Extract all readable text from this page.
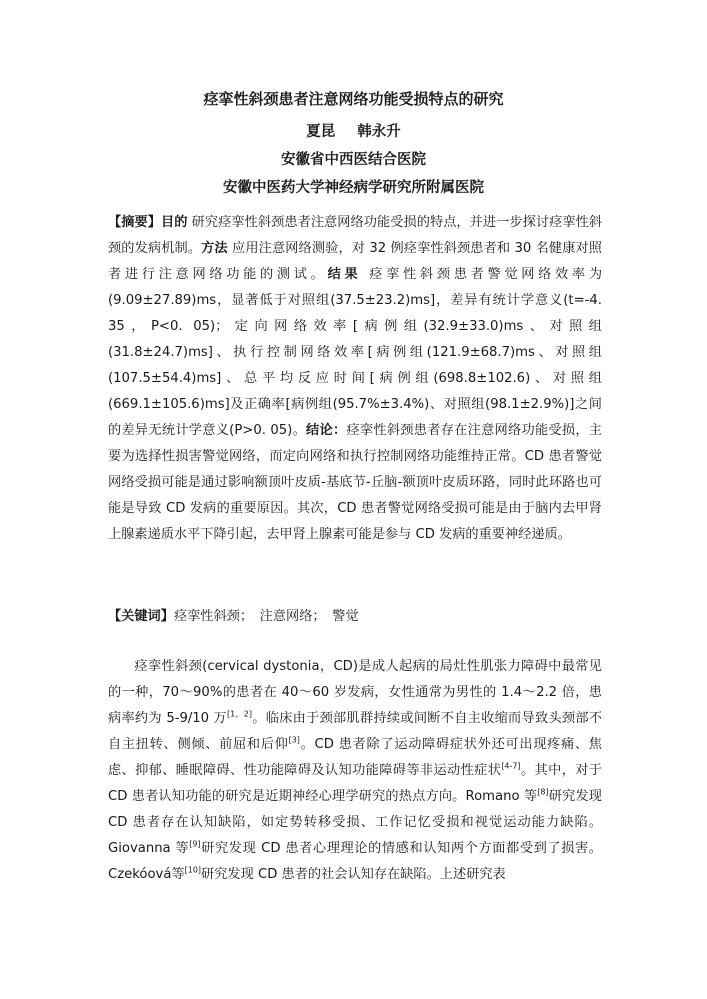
痉挛性斜颈患者注意网络功能受损特点的研究
夏昆 韩永升
安徽省中西医结合医院
安徽中医药大学神经病学研究所附属医院
【摘要】目的 研究痉挛性斜颈患者注意网络功能受损的特点，并进一步探讨痉挛性斜颈的发病机制。方法 应用注意网络测验，对 32 例痉挛性斜颈患者和 30 名健康对照者进行注意网络功能的测试。结果 痉挛性斜颈患者警觉网络效率为(9.09±27.89)ms，显著低于对照组(37.5±23.2)ms]，差异有统计学意义(t=-4. 35，P<0. 05)；定向网络效率[病例组(32.9±33.0)ms、对照组(31.8±24.7)ms]、执行控制网络效率[病例组(121.9±68.7)ms、对照组(107.5±54.4)ms]、总平均反应时间[病例组(698.8±102.6)、对照组(669.1±105.6)ms]及正确率[病例组(95.7%±3.4%)、对照组(98.1±2.9%)]之间的差异无统计学意义(P>0. 05)。结论：痉挛性斜颈患者存在注意网络功能受损，主要为选择性损害警觉网络，而定向网络和执行控制网络功能维持正常。CD 患者警觉网络受损可能是通过影响额顶叶皮质-基底节-丘脑-额顶叶皮质环路，同时此环路也可能是导致 CD 发病的重要原因。其次，CD 患者警觉网络受损可能是由于脑内去甲肾上腺素递质水平下降引起，去甲肾上腺素可能是参与 CD 发病的重要神经递质。
【关键词】痉挛性斜颈；　注意网络；　警觉
痉挛性斜颈(cervical dystonia，CD)是成人起病的局灶性肌张力障碍中最常见的一种，70～90%的患者在 40～60 岁发病，女性通常为男性的 1.4～2.2 倍，患病率约为 5-9/10 万[1，2]。临床由于颈部肌群持续或间断不自主收缩而导致头颈部不自主扭转、侧倾、前屈和后仰[3]。CD 患者除了运动障碍症状外还可出现疼痛、焦虑、抑郁、睡眠障碍、性功能障碍及认知功能障碍等非运动性症状[4-7]。其中，对于 CD 患者认知功能的研究是近期神经心理学研究的热点方向。Romano 等[8]研究发现 CD 患者存在认知缺陷，如定势转移受损、工作记忆受损和视觉运动能力缺陷。Giovanna 等[9]研究发现 CD 患者心理理论的情感和认知两个方面都受到了损害。Czekóová等[10]研究发现 CD 患者的社会认知存在缺陷。上述研究表
